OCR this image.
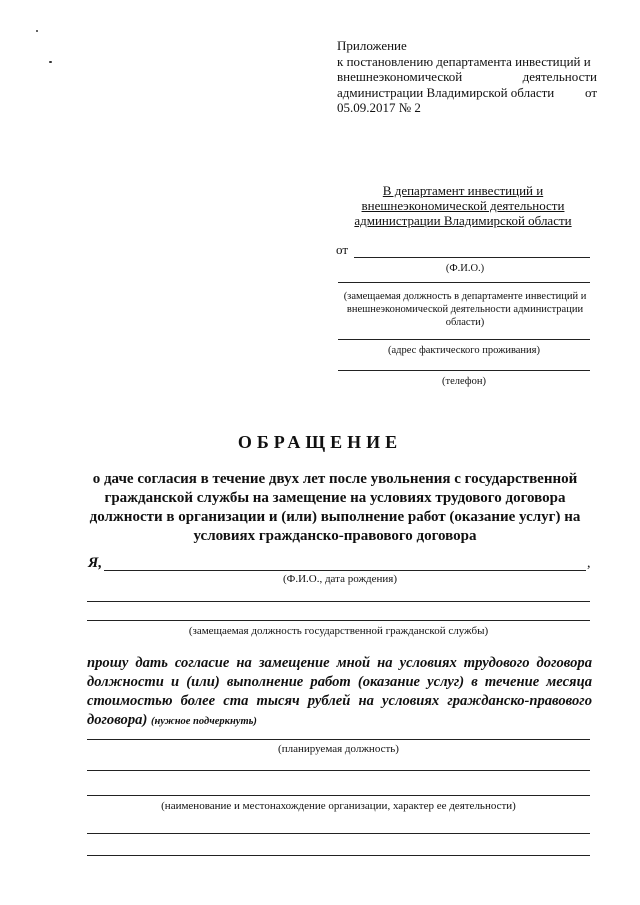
Приложение
к постановлению департамента инвестиций и
внешнеэкономической	деятельности
администрации Владимирской области от
05.09.2017 № 2
В департамент инвестиций и
внешнеэкономической деятельности
администрации Владимирской области
от
(Ф.И.О.)
(замещаемая должность в департаменте инвестиций и внешнеэкономической деятельности администрации области)
(адрес фактического проживания)
(телефон)
ОБРАЩЕНИЕ
о даче согласия в течение двух лет после увольнения с государственной гражданской службы на замещение на условиях трудового договора должности в организации и (или) выполнение работ (оказание услуг) на условиях гражданско-правового договора
Я,	,
(Ф.И.О., дата рождения)
(замещаемая должность государственной гражданской службы)
прошу дать согласие на замещение мной на условиях трудового договора должности и (или) выполнение работ (оказание услуг) в течение месяца стоимостью более ста тысяч рублей на условиях гражданско-правового договора) (нужное подчеркнуть)
(планируемая должность)
(наименование и местонахождение организации, характер ее деятельности)
